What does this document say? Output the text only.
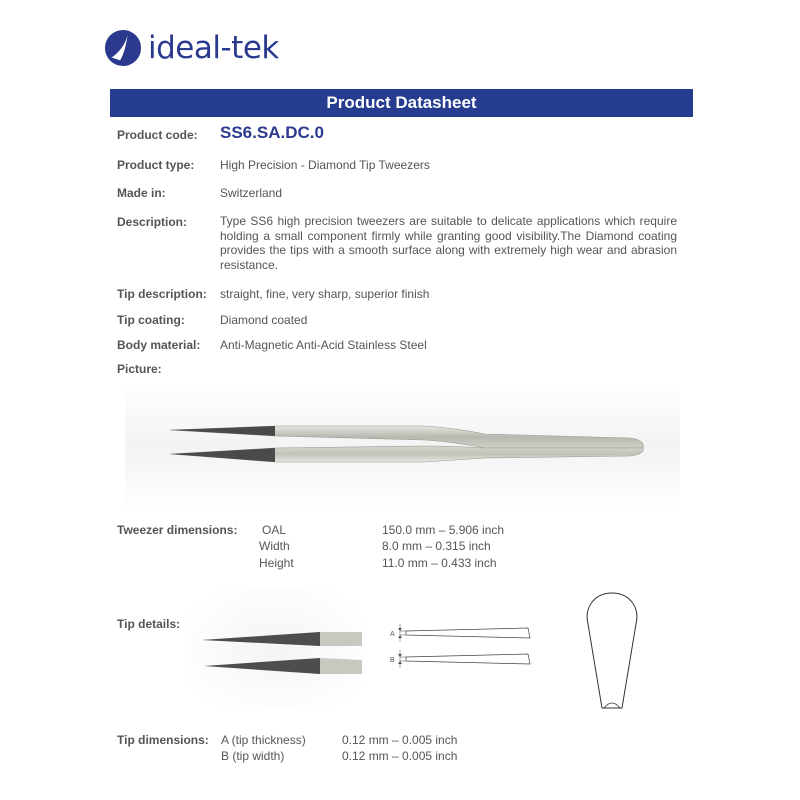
ideal-tek
Product Datasheet
Product code: SS6.SA.DC.0
Product type: High Precision - Diamond Tip Tweezers
Made in:	Switzerland
Description:	Type SS6 high precision tweezers are suitable to delicate applications which require holding a small component firmly while granting good visibility.The Diamond coating provides the tips with a smooth surface along with extremely high wear and abrasion resistance.
Tip description: straight, fine, very sharp, superior finish
Tip coating:	Diamond coated
Body material: Anti-Magnetic Anti-Acid Stainless Steel
Picture:
Tweezer dimensions: OAL	150.0 mm – 5.906 inch
Width	8.0 mm – 0.315 inch
Height	11.0 mm – 0.433 inch
Tip details:
A
B
Tip dimensions: A (tip thickness)	0.12 mm – 0.005 inch
B (tip width)	0.12 mm – 0.005 inch
